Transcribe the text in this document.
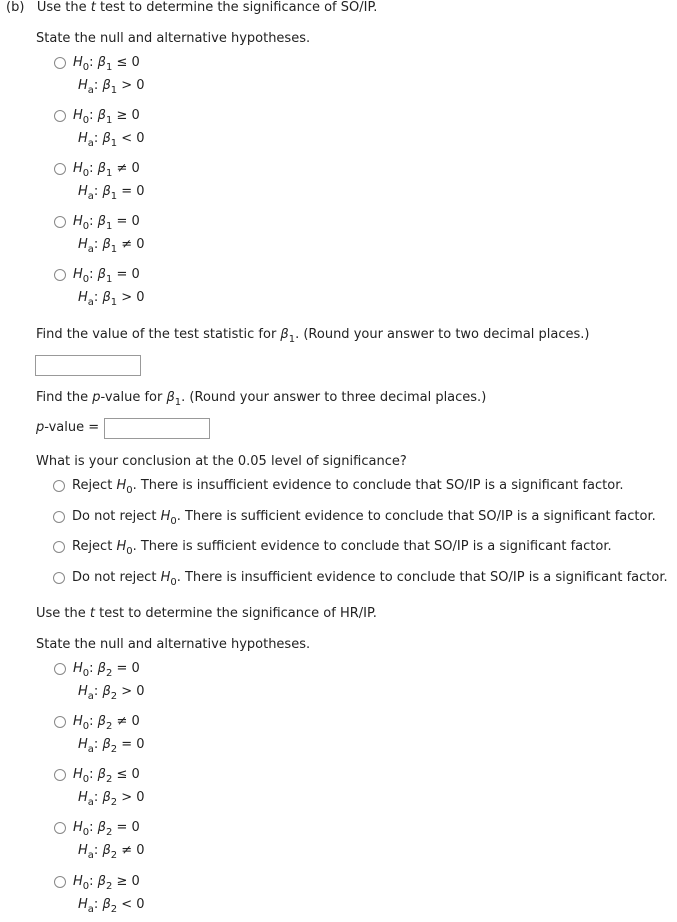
(b) Use the t test to determine the significance of SO/IP.
State the null and alternative hypotheses.
$H_0$: $\beta_1 \le 0$
$H_a$: $\beta_1 > 0$
$H_0$: $\beta_1 \ge 0$
$H_a$: $\beta_1 < 0$
$H_0$: $\beta_1 \ne 0$
$H_a$: $\beta_1 = 0$
$H_0$: $\beta_1 = 0$
$H_a$: $\beta_1 \ne 0$
$H_0$: $\beta_1 = 0$
$H_a$: $\beta_1 > 0$
Find the value of the test statistic for $\beta_1$. (Round your answer to two decimal places.)
Find the p-value for $\beta_1$. (Round your answer to three decimal places.)
p-value =
What is your conclusion at the 0.05 level of significance?
Reject $H_0$. There is insufficient evidence to conclude that SO/IP is a significant factor.
Do not reject $H_0$. There is sufficient evidence to conclude that SO/IP is a significant factor.
Reject $H_0$. There is sufficient evidence to conclude that SO/IP is a significant factor.
Do not reject $H_0$. There is insufficient evidence to conclude that SO/IP is a significant factor.
Use the t test to determine the significance of HR/IP.
State the null and alternative hypotheses.
$H_0$: $\beta_2 = 0$
$H_a$: $\beta_2 > 0$
$H_0$: $\beta_2 \ne 0$
$H_a$: $\beta_2 = 0$
$H_0$: $\beta_2 \le 0$
$H_a$: $\beta_2 > 0$
$H_0$: $\beta_2 = 0$
$H_a$: $\beta_2 \ne 0$
$H_0$: $\beta_2 \ge 0$
$H_a$: $\beta_2 < 0$
